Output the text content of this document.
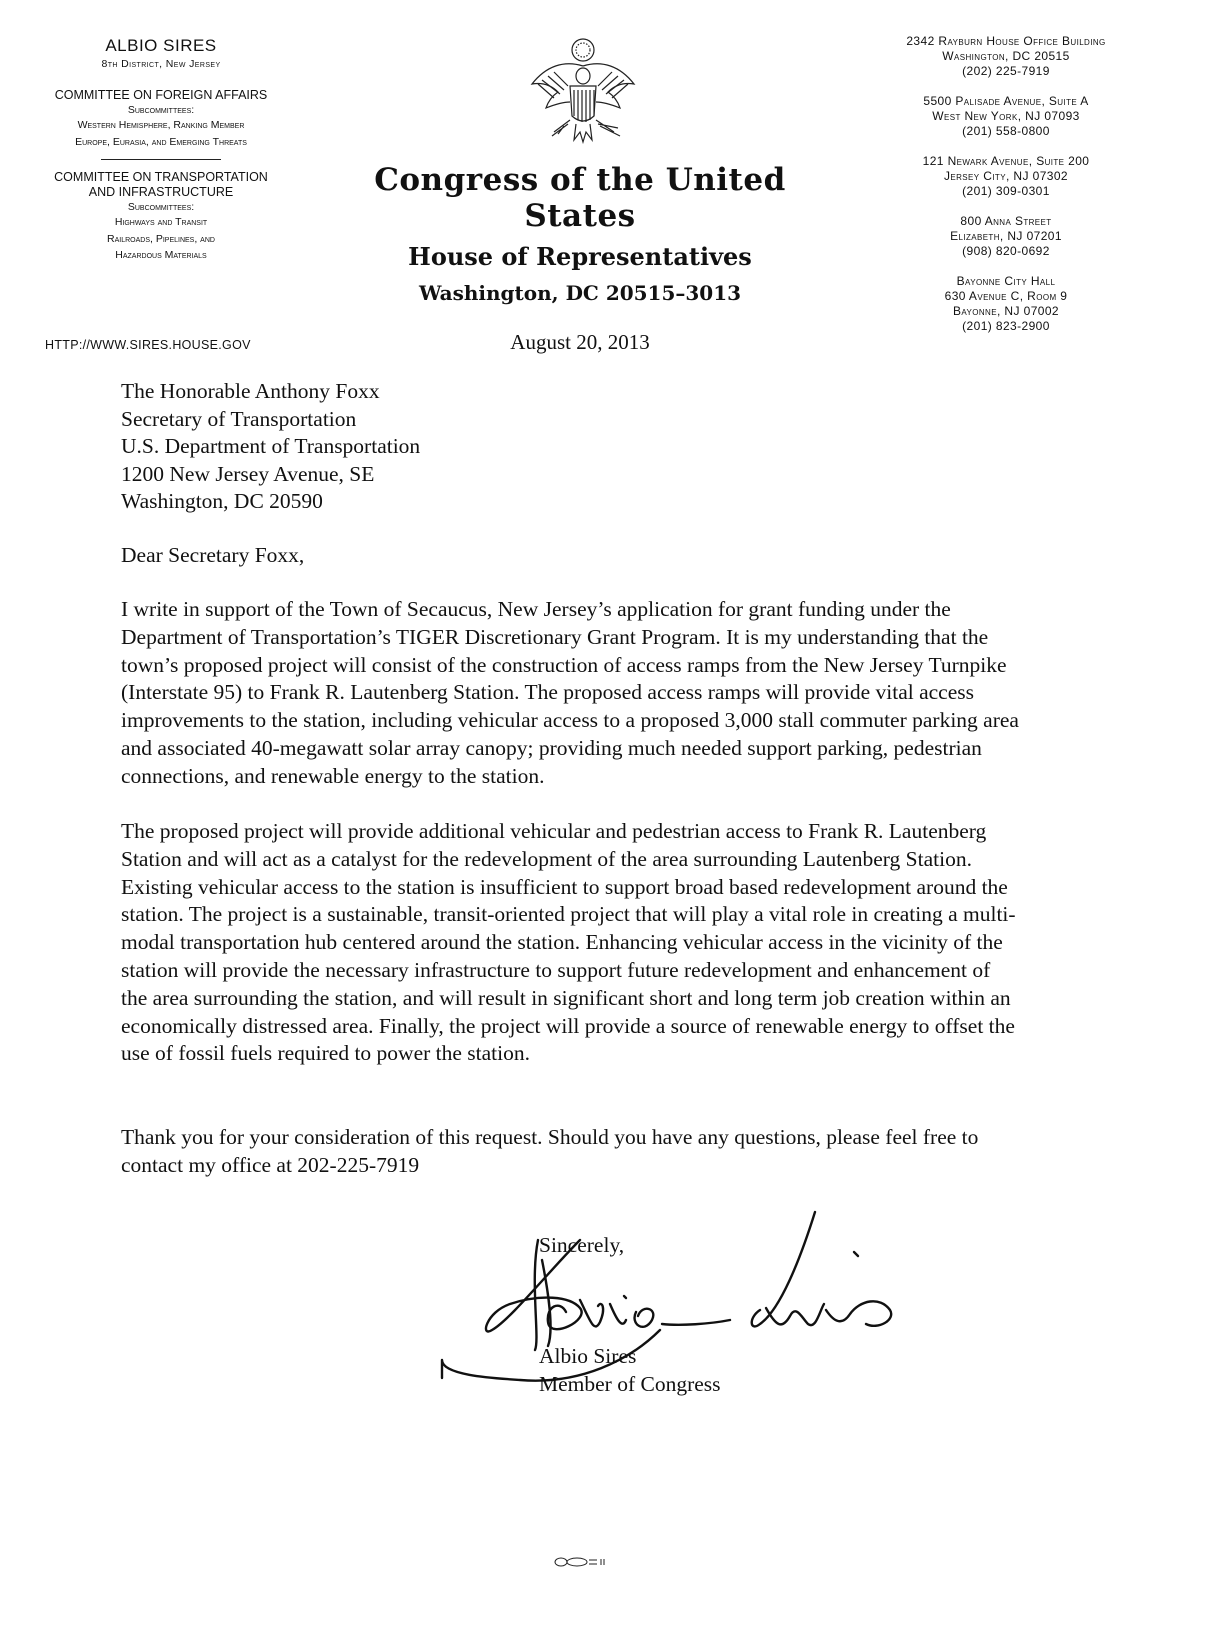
ALBIO SIRES
8th District, New Jersey
COMMITTEE ON FOREIGN AFFAIRS
Subcommittees:
Western Hemisphere, Ranking Member
Europe, Eurasia, and Emerging Threats
COMMITTEE ON TRANSPORTATION
AND INFRASTRUCTURE
Subcommittees:
Highways and Transit
Railroads, Pipelines, and
Hazardous Materials
HTTP://WWW.SIRES.HOUSE.GOV
Congress of the United States
House of Representatives
Washington, DC 20515–3013
August 20, 2013
2342 Rayburn House Office Building
Washington, DC 20515
(202) 225-7919
5500 Palisade Avenue, Suite A
West New York, NJ 07093
(201) 558-0800
121 Newark Avenue, Suite 200
Jersey City, NJ 07302
(201) 309-0301
800 Anna Street
Elizabeth, NJ 07201
(908) 820-0692
Bayonne City Hall
630 Avenue C, Room 9
Bayonne, NJ 07002
(201) 823-2900
The Honorable Anthony Foxx
Secretary of Transportation
U.S. Department of Transportation
1200 New Jersey Avenue, SE
Washington, DC 20590
Dear Secretary Foxx,

I write in support of the Town of Secaucus, New Jersey’s application for grant funding under the Department of Transportation’s TIGER Discretionary Grant Program. It is my understanding that the town’s proposed project will consist of the construction of access ramps from the New Jersey Turnpike (Interstate 95) to Frank R. Lautenberg Station. The proposed access ramps will provide vital access improvements to the station, including vehicular access to a proposed 3,000 stall commuter parking area and associated 40-megawatt solar array canopy; providing much needed support parking, pedestrian connections, and renewable energy to the station.

The proposed project will provide additional vehicular and pedestrian access to Frank R. Lautenberg Station and will act as a catalyst for the redevelopment of the area surrounding Lautenberg Station. Existing vehicular access to the station is insufficient to support broad based redevelopment around the station. The project is a sustainable, transit-oriented project that will play a vital role in creating a multi-modal transportation hub centered around the station. Enhancing vehicular access in the vicinity of the station will provide the necessary infrastructure to support future redevelopment and enhancement of the area surrounding the station, and will result in significant short and long term job creation within an economically distressed area. Finally, the project will provide a source of renewable energy to offset the use of fossil fuels required to power the station.

Thank you for your consideration of this request. Should you have any questions, please feel free to contact my office at 202-225-7919

Sincerely,
Albio Sires
Member of Congress
